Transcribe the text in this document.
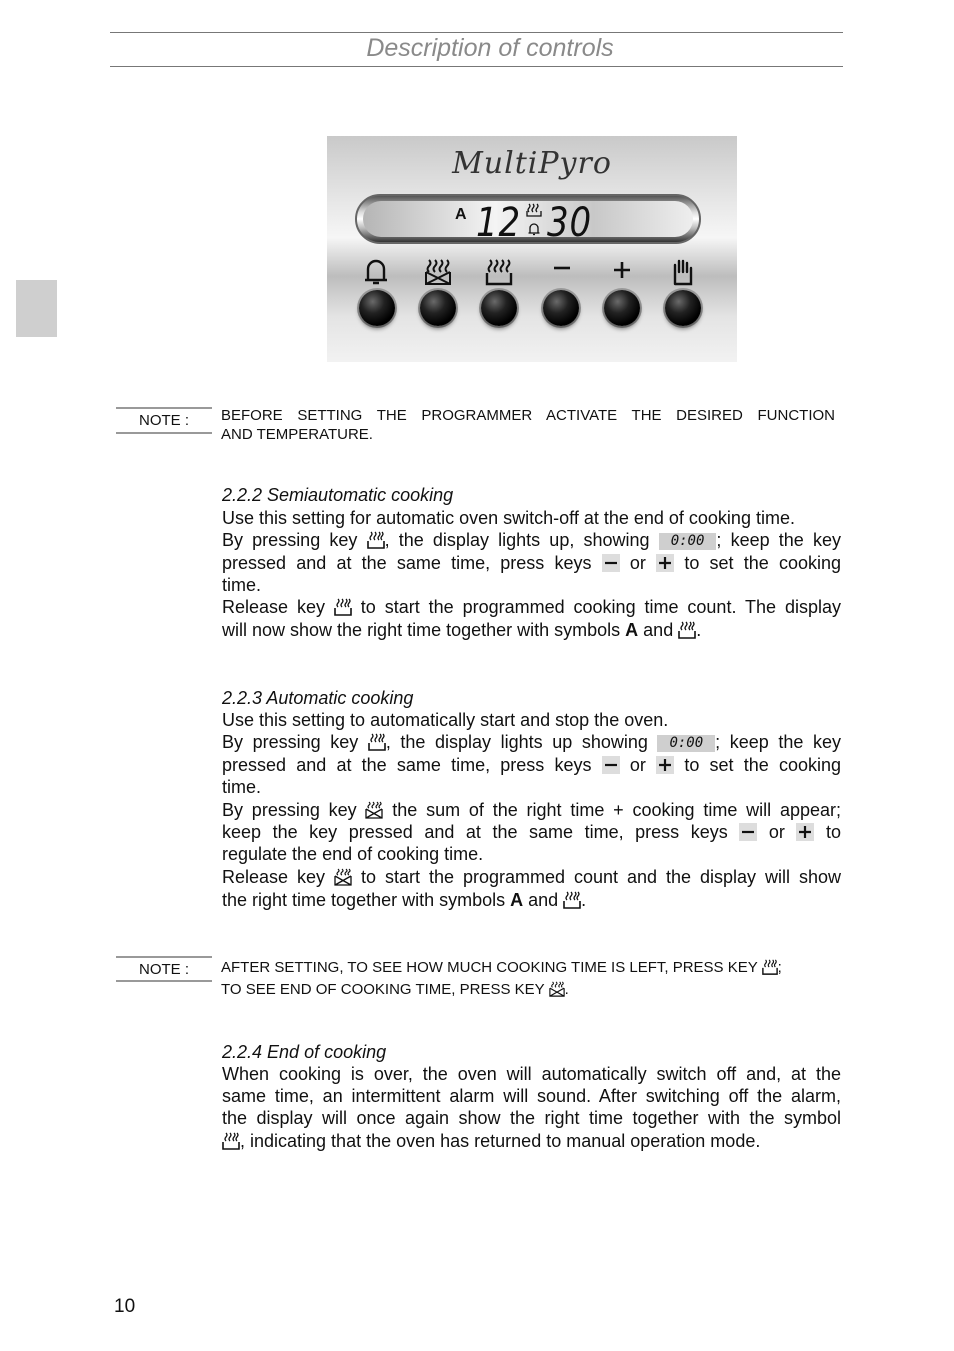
Description of controls
MultiPyro
A 12 30
NOTE :	BEFORE SETTING THE PROGRAMMER ACTIVATE THE DESIRED FUNCTION
AND TEMPERATURE.
2.2.2 Semiautomatic cooking
Use this setting for automatic oven switch-off at the end of cooking time.
By pressing key
, the display lights up, showing 0:00 ; keep the key
pressed and at the same time, press keys
or
to set the cooking
time.
Release key
to start the programmed cooking time count. The display
will now show the right time together with symbols A and
.
2.2.3 Automatic cooking
Use this setting to automatically start and stop the oven.
By pressing key
, the display lights up showing 0:00 ; keep the key
pressed and at the same time, press keys
or
to set the cooking
time.
By pressing key
the sum of the right time + cooking time will appear;
keep the key pressed and at the same time, press keys
or
to
regulate the end of cooking time.
Release key
to start the programmed count and the display will show
the right time together with symbols A and
.
NOTE :	AFTER SETTING, TO SEE HOW MUCH COOKING TIME IS LEFT, PRESS KEY
;
TO SEE END OF COOKING TIME, PRESS KEY
.
2.2.4 End of cooking
When cooking is over, the oven will automatically switch off and, at the
same time, an intermittent alarm will sound. After switching off the alarm,
the display will once again show the right time together with the symbol
, indicating that the oven has returned to manual operation mode.
10
